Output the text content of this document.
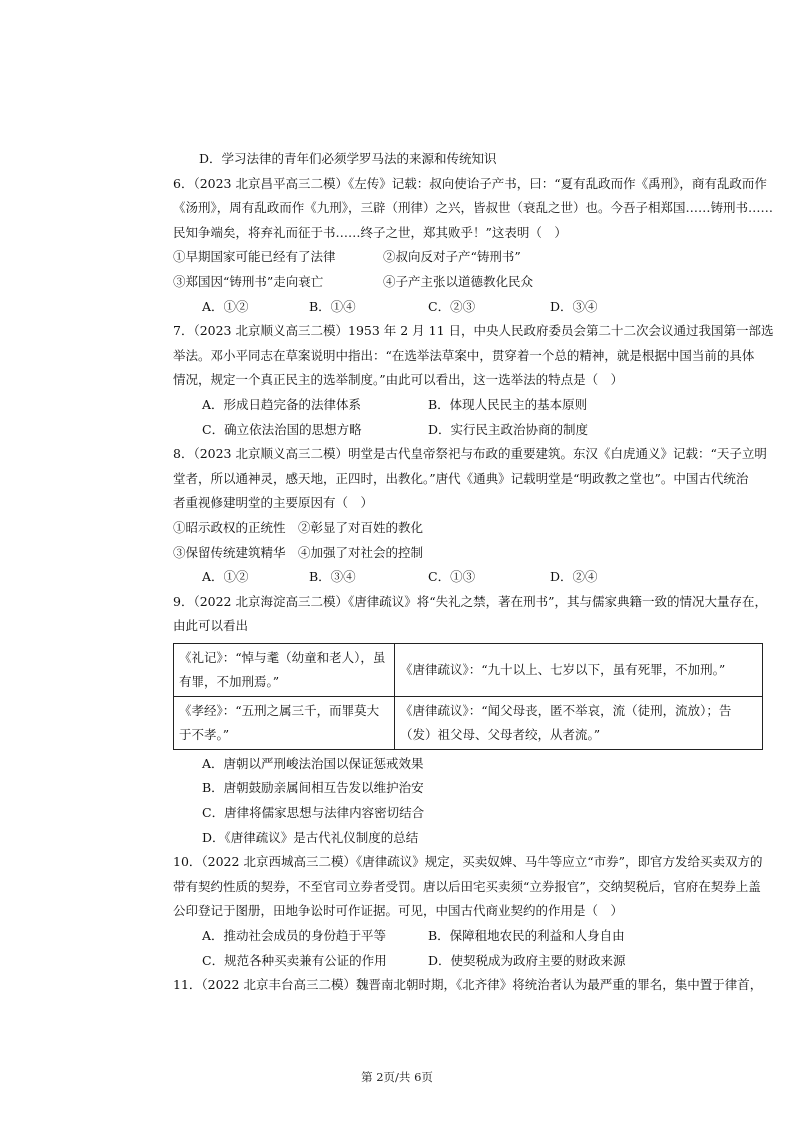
D．学习法律的青年们必须学罗马法的来源和传统知识
6．（2023 北京昌平高三二模）《左传》记载：叔向使诒子产书，曰：“夏有乱政而作《禹刑》，商有乱政而作
《汤刑》，周有乱政而作《九刑》，三辟（刑律）之兴，皆叔世（衰乱之世）也。今吾子相郑国……铸刑书……
民知争端矣，将弃礼而征于书……终子之世，郑其败乎！”这表明（　）
①早期国家可能已经有了法律	②叔向反对子产“铸刑书”
③郑国因“铸刑书”走向衰亡	④子产主张以道德教化民众
A．①②	B．①④	C．②③	D．③④
7．（2023 北京顺义高三二模）1953 年 2 月 11 日，中央人民政府委员会第二十二次会议通过我国第一部选
举法。邓小平同志在草案说明中指出：“在选举法草案中，贯穿着一个总的精神，就是根据中国当前的具体
情况，规定一个真正民主的选举制度。”由此可以看出，这一选举法的特点是（　）
A．形成日趋完备的法律体系	B．体现人民民主的基本原则
C．确立依法治国的思想方略	D．实行民主政治协商的制度
8．（2023 北京顺义高三二模）明堂是古代皇帝祭祀与布政的重要建筑。东汉《白虎通义》记载：“天子立明
堂者，所以通神灵，感天地，正四时，出教化。”唐代《通典》记载明堂是“明政教之堂也”。中国古代统治
者重视修建明堂的主要原因有（　）
①昭示政权的正统性　②彰显了对百姓的教化
③保留传统建筑精华　④加强了对社会的控制
A．①②	B．③④	C．①③	D．②④
9．（2022 北京海淀高三二模）《唐律疏议》将“失礼之禁，著在刑书”，其与儒家典籍一致的情况大量存在，
由此可以看出
《礼记》：“悼与耄（幼童和老人），虽有罪，不加刑焉。”	《唐律疏议》：“九十以上、七岁以下，虽有死罪，不加刑。”
《孝经》：“五刑之属三千，而罪莫大于不孝。”	《唐律疏议》：“闻父母丧，匿不举哀，流（徒刑，流放）；告（发）祖父母、父母者绞，从者流。”
A．唐朝以严刑峻法治国以保证惩戒效果
B．唐朝鼓励亲属间相互告发以维护治安
C．唐律将儒家思想与法律内容密切结合
D．《唐律疏议》是古代礼仪制度的总结
10．（2022 北京西城高三二模）《唐律疏议》规定，买卖奴婢、马牛等应立“市券”，即官方发给买卖双方的
带有契约性质的契券，不至官司立券者受罚。唐以后田宅买卖须“立券报官”，交纳契税后，官府在契券上盖
公印登记于图册，田地争讼时可作证据。可见，中国古代商业契约的作用是（　）
A．推动社会成员的身份趋于平等	B．保障租地农民的利益和人身自由
C．规范各种买卖兼有公证的作用	D．使契税成为政府主要的财政来源
11．（2022 北京丰台高三二模）魏晋南北朝时期，《北齐律》将统治者认为最严重的罪名，集中置于律首，
第 2页/共 6页
